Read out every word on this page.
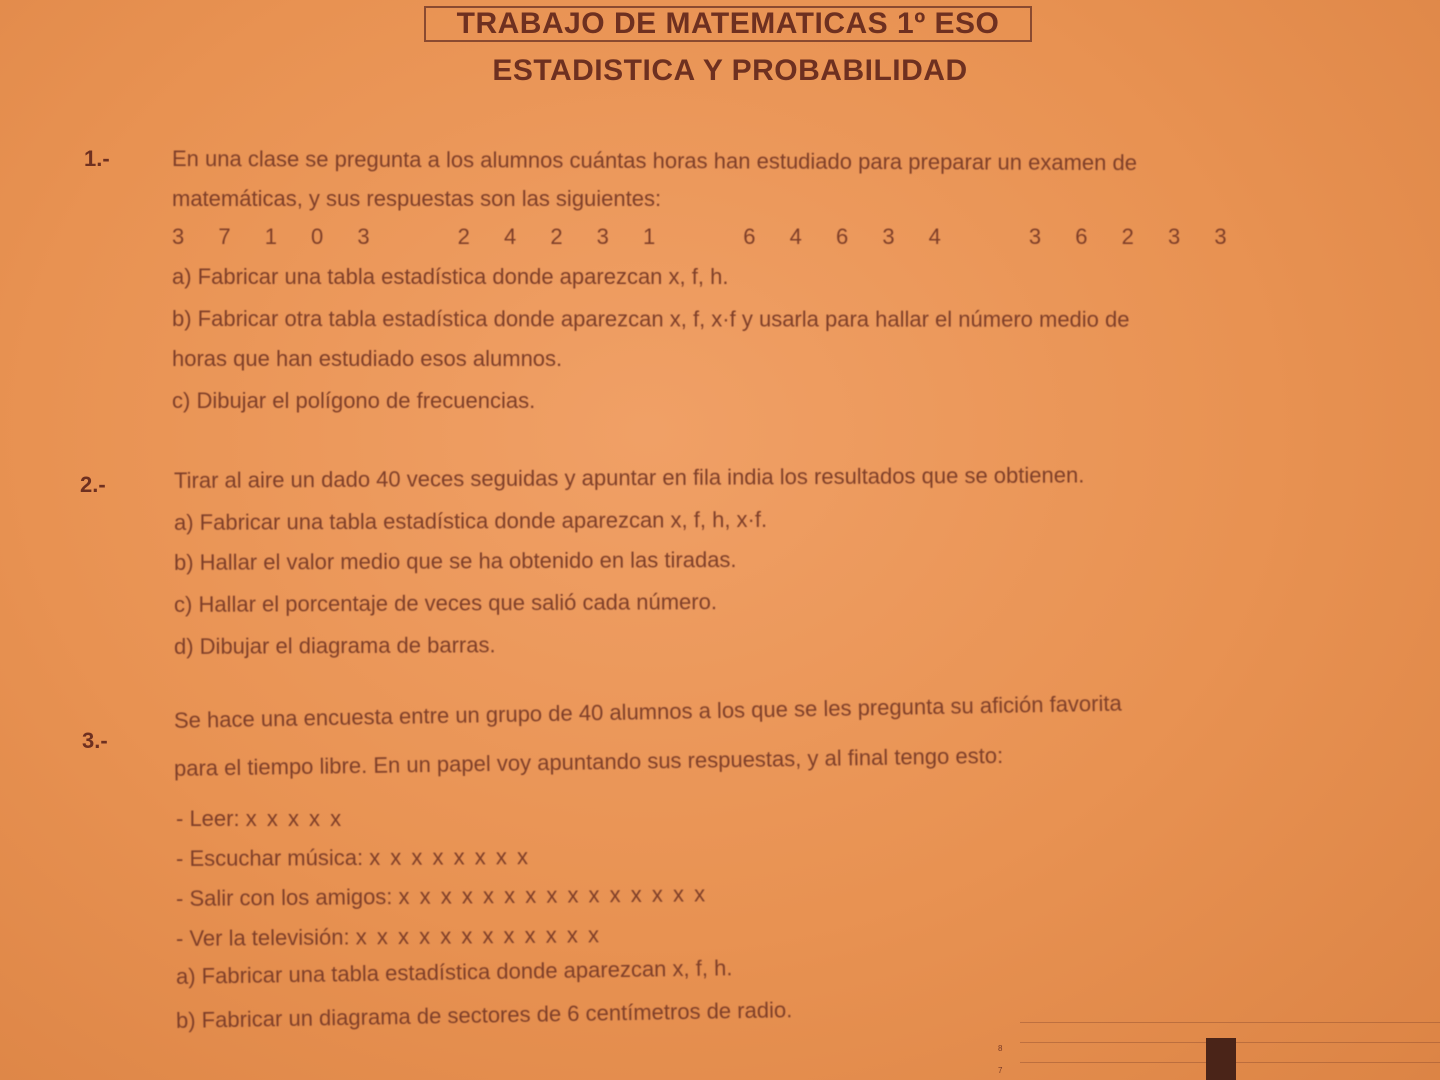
TRABAJO DE MATEMATICAS 1º ESO
ESTADISTICA Y PROBABILIDAD
1.-	En una clase se pregunta a los alumnos cuántas horas han estudiado para preparar un examen de
matemáticas, y sus respuestas son las siguientes:
3 7 1 0 3	2 4 2 3 1	6 4 6 3 4	3 6 2 3 3
a) Fabricar una tabla estadística donde aparezcan x, f, h.
b) Fabricar otra tabla estadística donde aparezcan x, f, x·f y usarla para hallar el número medio de
horas que han estudiado esos alumnos.
c) Dibujar el polígono de frecuencias.
2.-	Tirar al aire un dado 40 veces seguidas y apuntar en fila india los resultados que se obtienen.
a) Fabricar una tabla estadística donde aparezcan x, f, h, x·f.
b) Hallar el valor medio que se ha obtenido en las tiradas.
c) Hallar el porcentaje de veces que salió cada número.
d) Dibujar el diagrama de barras.
3.-
Se hace una encuesta entre un grupo de 40 alumnos a los que se les pregunta su afición favorita
para el tiempo libre. En un papel voy apuntando sus respuestas, y al final tengo esto:
- Leer: x x x x x
- Escuchar música: x x x x x x x x
- Salir con los amigos: x x x x x x x x x x x x x x x
- Ver la televisión: x x x x x x x x x x x x
a) Fabricar una tabla estadística donde aparezcan x, f, h.
b) Fabricar un diagrama de sectores de 6 centímetros de radio.
8
7
